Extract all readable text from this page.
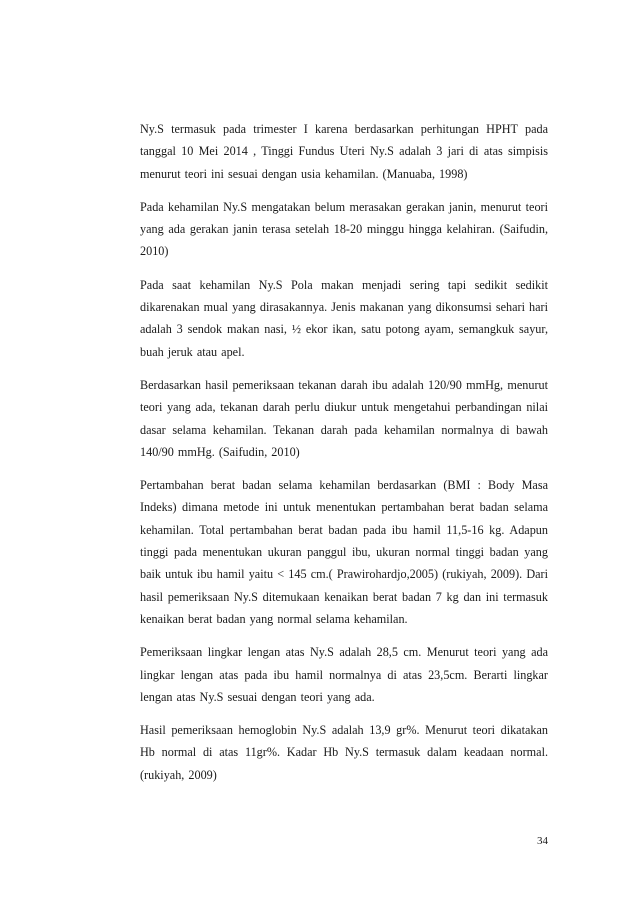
Ny.S termasuk pada trimester I karena berdasarkan perhitungan HPHT pada tanggal 10 Mei 2014 , Tinggi Fundus Uteri Ny.S adalah 3 jari di atas simpisis menurut teori ini sesuai dengan usia kehamilan. (Manuaba, 1998)

Pada kehamilan Ny.S mengatakan belum merasakan gerakan janin, menurut teori yang ada gerakan janin terasa setelah 18-20 minggu hingga kelahiran. (Saifudin, 2010)

Pada saat kehamilan Ny.S Pola makan menjadi sering tapi sedikit sedikit dikarenakan mual yang dirasakannya. Jenis makanan yang dikonsumsi sehari hari adalah 3 sendok makan nasi, ½ ekor ikan, satu potong ayam, semangkuk sayur, buah jeruk atau apel.

Berdasarkan hasil pemeriksaan tekanan darah ibu adalah 120/90 mmHg, menurut teori yang ada, tekanan darah perlu diukur untuk mengetahui perbandingan nilai dasar selama kehamilan. Tekanan darah pada kehamilan normalnya di bawah 140/90 mmHg. (Saifudin, 2010)

Pertambahan berat badan selama kehamilan berdasarkan (BMI : Body Masa Indeks) dimana metode ini untuk menentukan pertambahan berat badan selama kehamilan. Total pertambahan berat badan pada ibu hamil 11,5-16 kg. Adapun tinggi pada menentukan ukuran panggul ibu, ukuran normal tinggi badan yang baik untuk ibu hamil yaitu < 145 cm.( Prawirohardjo,2005) (rukiyah, 2009). Dari hasil pemeriksaan Ny.S ditemukaan kenaikan berat badan 7 kg dan ini termasuk kenaikan berat badan yang normal selama kehamilan.

Pemeriksaan lingkar lengan atas Ny.S adalah 28,5 cm. Menurut teori yang ada lingkar lengan atas pada ibu hamil normalnya di atas 23,5cm. Berarti lingkar lengan atas Ny.S sesuai dengan teori yang ada.

Hasil pemeriksaan hemoglobin Ny.S adalah 13,9 gr%. Menurut teori dikatakan Hb normal di atas 11gr%. Kadar Hb Ny.S termasuk dalam keadaan normal. (rukiyah, 2009)

34
